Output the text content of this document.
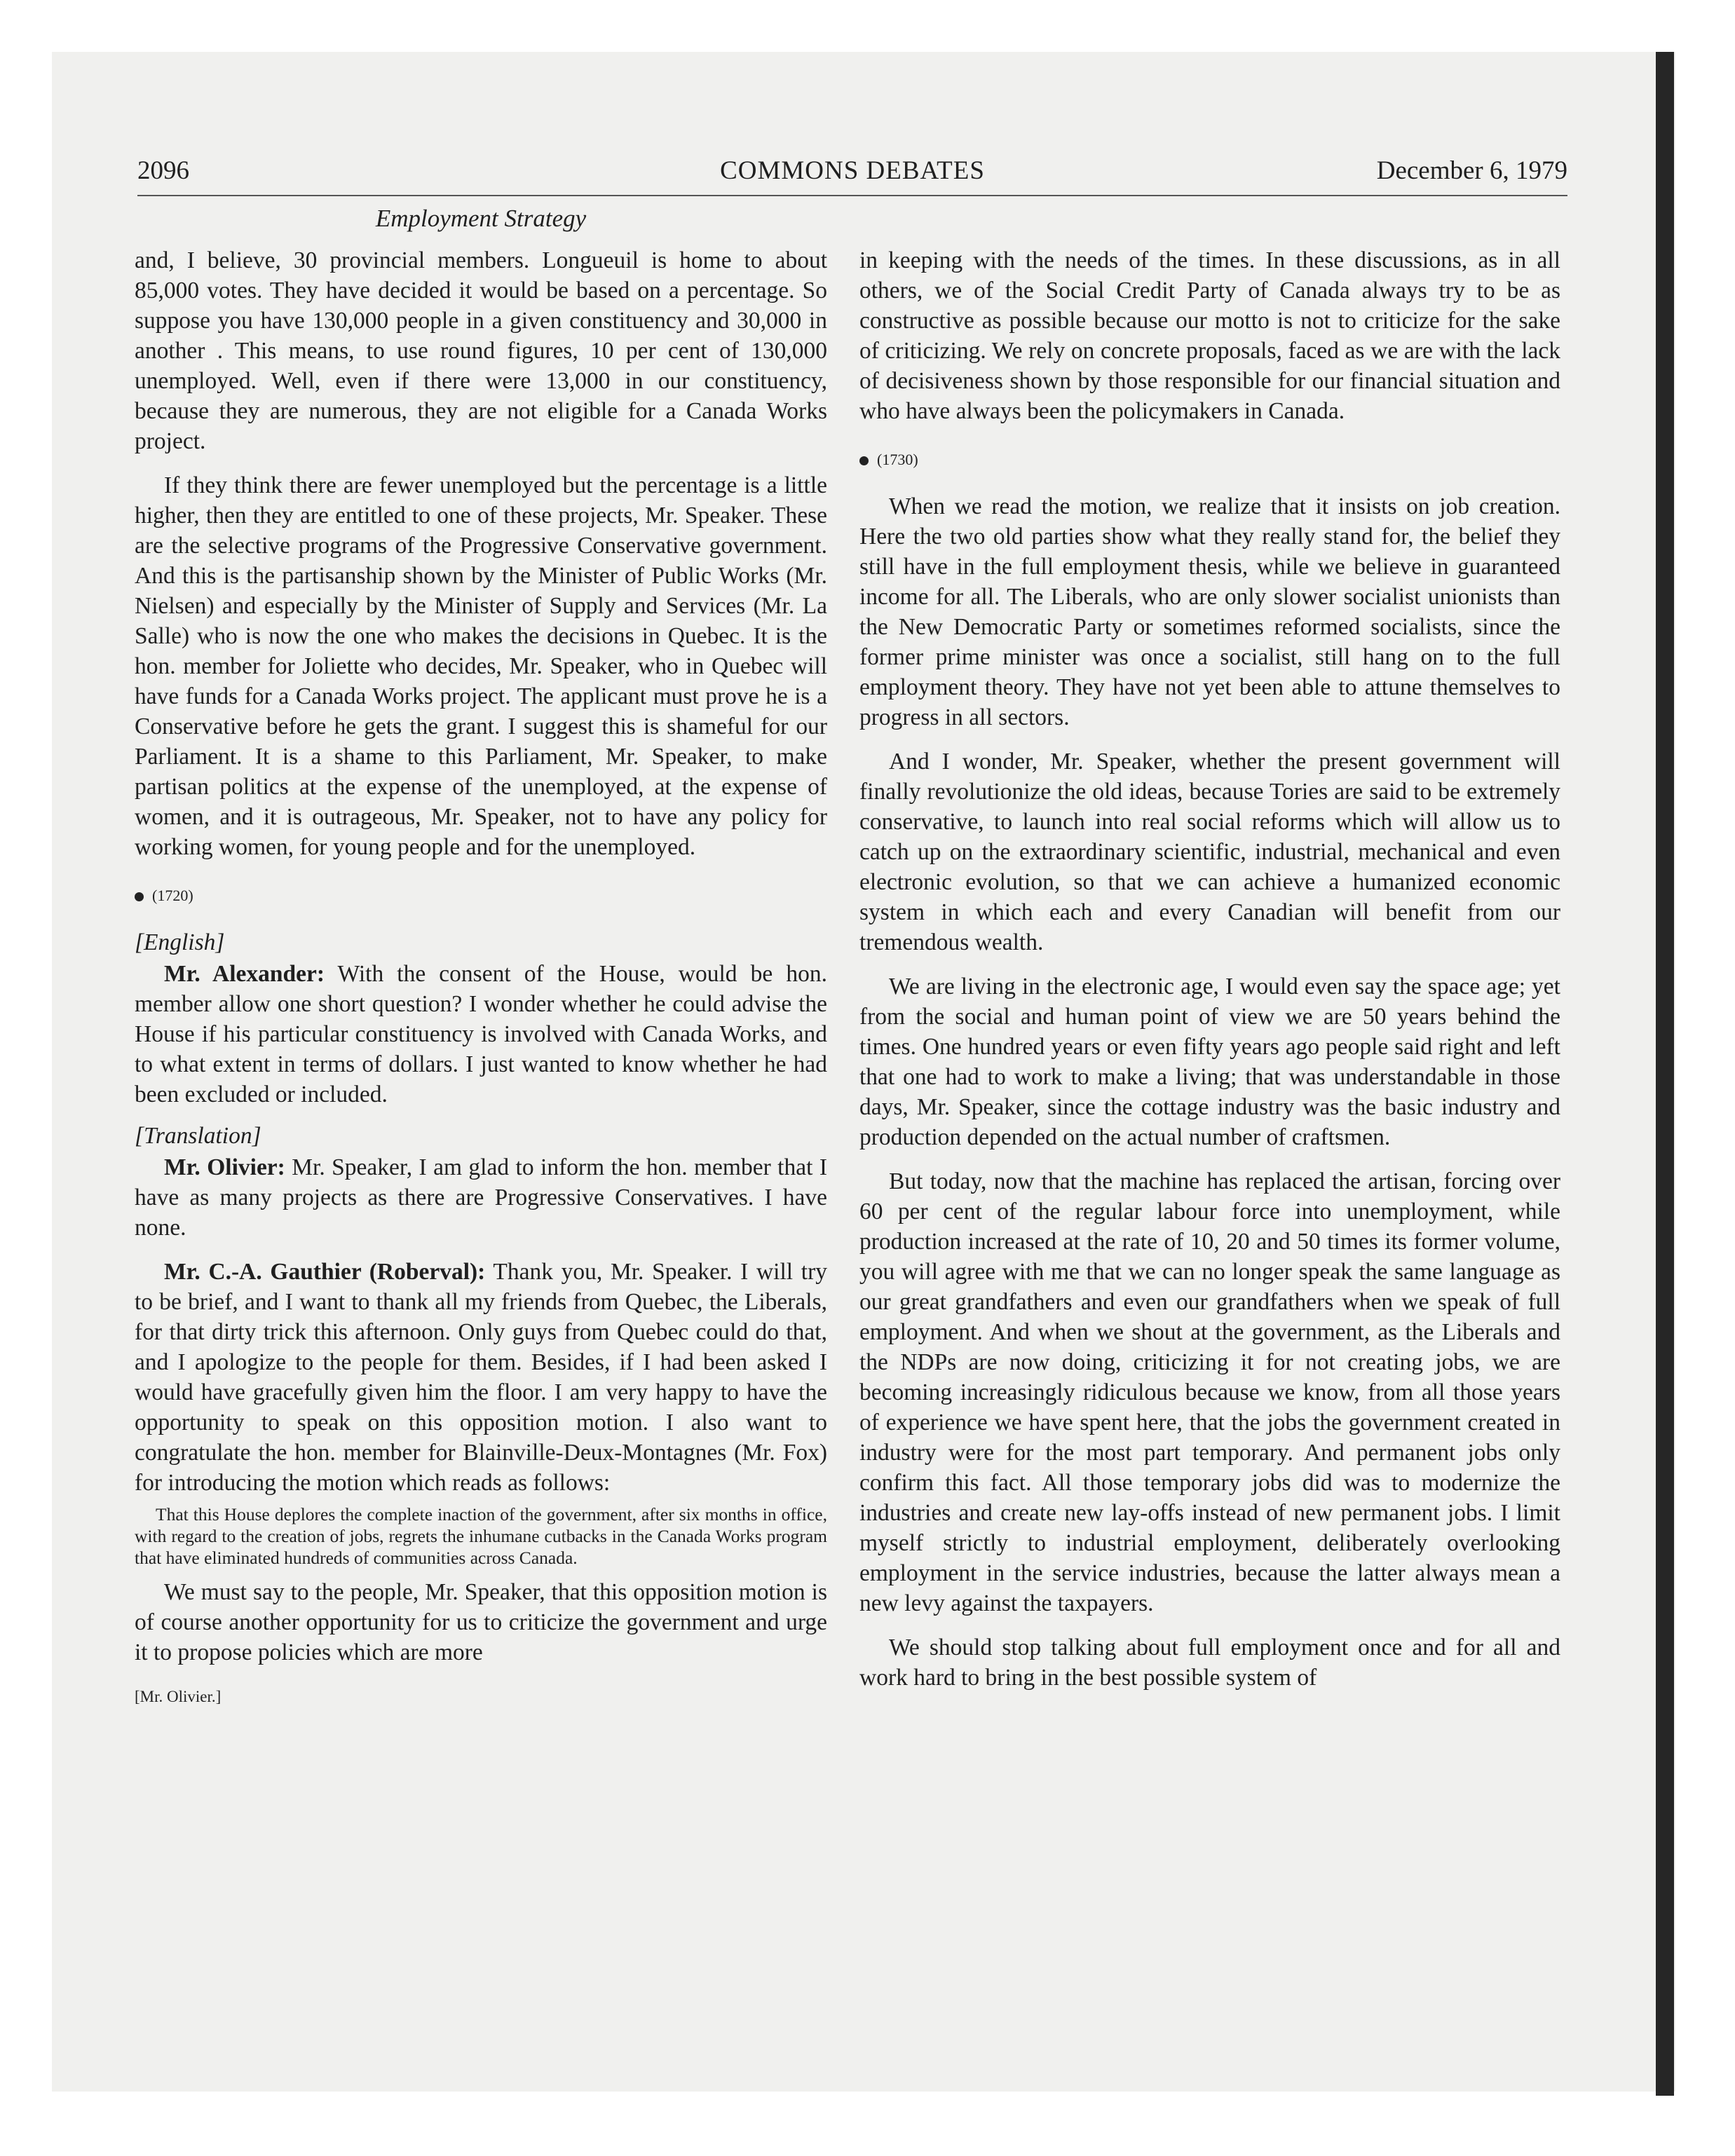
2096	COMMONS DEBATES	December 6, 1979
Employment Strategy

and, I believe, 30 provincial members. Longueuil is home to about 85,000 votes. They have decided it would be based on a percentage. So suppose you have 130,000 people in a given constituency and 30,000 in another . This means, to use round figures, 10 per cent of 130,000 unemployed. Well, even if there were 13,000 in our constituency, because they are numerous, they are not eligible for a Canada Works project.

If they think there are fewer unemployed but the percentage is a little higher, then they are entitled to one of these projects, Mr. Speaker. These are the selective programs of the Progressive Conservative government. And this is the partisanship shown by the Minister of Public Works (Mr. Nielsen) and especially by the Minister of Supply and Services (Mr. La Salle) who is now the one who makes the decisions in Quebec. It is the hon. member for Joliette who decides, Mr. Speaker, who in Quebec will have funds for a Canada Works project. The applicant must prove he is a Conservative before he gets the grant. I suggest this is shameful for our Parliament. It is a shame to this Parliament, Mr. Speaker, to make partisan politics at the expense of the unemployed, at the expense of women, and it is outrageous, Mr. Speaker, not to have any policy for working women, for young people and for the unemployed.

(1720)

[English]

Mr. Alexander: With the consent of the House, would be hon. member allow one short question? I wonder whether he could advise the House if his particular constituency is involved with Canada Works, and to what extent in terms of dollars. I just wanted to know whether he had been excluded or included.

[Translation]

Mr. Olivier: Mr. Speaker, I am glad to inform the hon. member that I have as many projects as there are Progressive Conservatives. I have none.

Mr. C.-A. Gauthier (Roberval): Thank you, Mr. Speaker. I will try to be brief, and I want to thank all my friends from Quebec, the Liberals, for that dirty trick this afternoon. Only guys from Quebec could do that, and I apologize to the people for them. Besides, if I had been asked I would have gracefully given him the floor. I am very happy to have the opportunity to speak on this opposition motion. I also want to congratulate the hon. member for Blainville-Deux-Montagnes (Mr. Fox) for introducing the motion which reads as follows:

That this House deplores the complete inaction of the government, after six months in office, with regard to the creation of jobs, regrets the inhumane cutbacks in the Canada Works program that have eliminated hundreds of communities across Canada.

We must say to the people, Mr. Speaker, that this opposition motion is of course another opportunity for us to criticize the government and urge it to propose policies which are more

[Mr. Olivier.]

in keeping with the needs of the times. In these discussions, as in all others, we of the Social Credit Party of Canada always try to be as constructive as possible because our motto is not to criticize for the sake of criticizing. We rely on concrete proposals, faced as we are with the lack of decisiveness shown by those responsible for our financial situation and who have always been the policymakers in Canada.

(1730)

When we read the motion, we realize that it insists on job creation. Here the two old parties show what they really stand for, the belief they still have in the full employment thesis, while we believe in guaranteed income for all. The Liberals, who are only slower socialist unionists than the New Democratic Party or sometimes reformed socialists, since the former prime minister was once a socialist, still hang on to the full employment theory. They have not yet been able to attune themselves to progress in all sectors.

And I wonder, Mr. Speaker, whether the present government will finally revolutionize the old ideas, because Tories are said to be extremely conservative, to launch into real social reforms which will allow us to catch up on the extraordinary scientific, industrial, mechanical and even electronic evolution, so that we can achieve a humanized economic system in which each and every Canadian will benefit from our tremendous wealth.

We are living in the electronic age, I would even say the space age; yet from the social and human point of view we are 50 years behind the times. One hundred years or even fifty years ago people said right and left that one had to work to make a living; that was understandable in those days, Mr. Speaker, since the cottage industry was the basic industry and production depended on the actual number of craftsmen.

But today, now that the machine has replaced the artisan, forcing over 60 per cent of the regular labour force into unemployment, while production increased at the rate of 10, 20 and 50 times its former volume, you will agree with me that we can no longer speak the same language as our great grandfathers and even our grandfathers when we speak of full employment. And when we shout at the government, as the Liberals and the NDPs are now doing, criticizing it for not creating jobs, we are becoming increasingly ridiculous because we know, from all those years of experience we have spent here, that the jobs the government created in industry were for the most part temporary. And permanent jobs only confirm this fact. All those temporary jobs did was to modernize the industries and create new lay-offs instead of new permanent jobs. I limit myself strictly to industrial employment, deliberately overlooking employment in the service industries, because the latter always mean a new levy against the taxpayers.

We should stop talking about full employment once and for all and work hard to bring in the best possible system of
